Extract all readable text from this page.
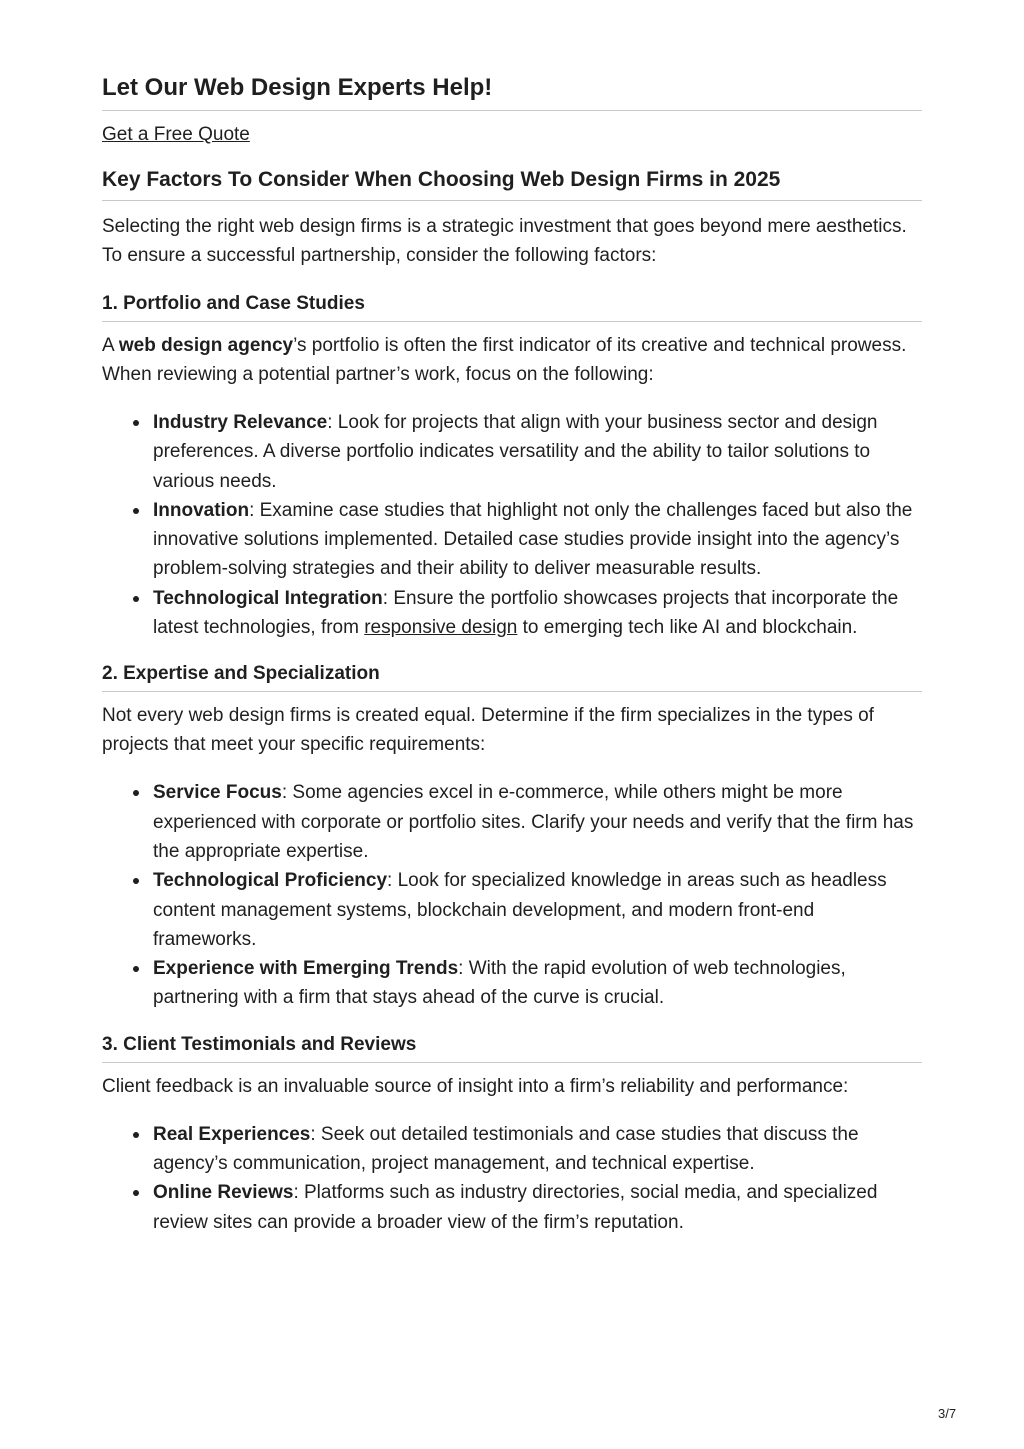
Let Our Web Design Experts Help!
Get a Free Quote
Key Factors To Consider When Choosing Web Design Firms in 2025

Selecting the right web design firms is a strategic investment that goes beyond mere aesthetics. To ensure a successful partnership, consider the following factors:

1. Portfolio and Case Studies

A web design agency’s portfolio is often the first indicator of its creative and technical prowess. When reviewing a potential partner’s work, focus on the following:

Industry Relevance: Look for projects that align with your business sector and design preferences. A diverse portfolio indicates versatility and the ability to tailor solutions to various needs.
Innovation: Examine case studies that highlight not only the challenges faced but also the innovative solutions implemented. Detailed case studies provide insight into the agency’s problem-solving strategies and their ability to deliver measurable results.
Technological Integration: Ensure the portfolio showcases projects that incorporate the latest technologies, from responsive design to emerging tech like AI and blockchain.
2. Expertise and Specialization

Not every web design firms is created equal. Determine if the firm specializes in the types of projects that meet your specific requirements:

Service Focus: Some agencies excel in e-commerce, while others might be more experienced with corporate or portfolio sites. Clarify your needs and verify that the firm has the appropriate expertise.
Technological Proficiency: Look for specialized knowledge in areas such as headless content management systems, blockchain development, and modern front-end frameworks.
Experience with Emerging Trends: With the rapid evolution of web technologies, partnering with a firm that stays ahead of the curve is crucial.
3. Client Testimonials and Reviews

Client feedback is an invaluable source of insight into a firm’s reliability and performance:

Real Experiences: Seek out detailed testimonials and case studies that discuss the agency’s communication, project management, and technical expertise.
Online Reviews: Platforms such as industry directories, social media, and specialized review sites can provide a broader view of the firm’s reputation.
3/7
